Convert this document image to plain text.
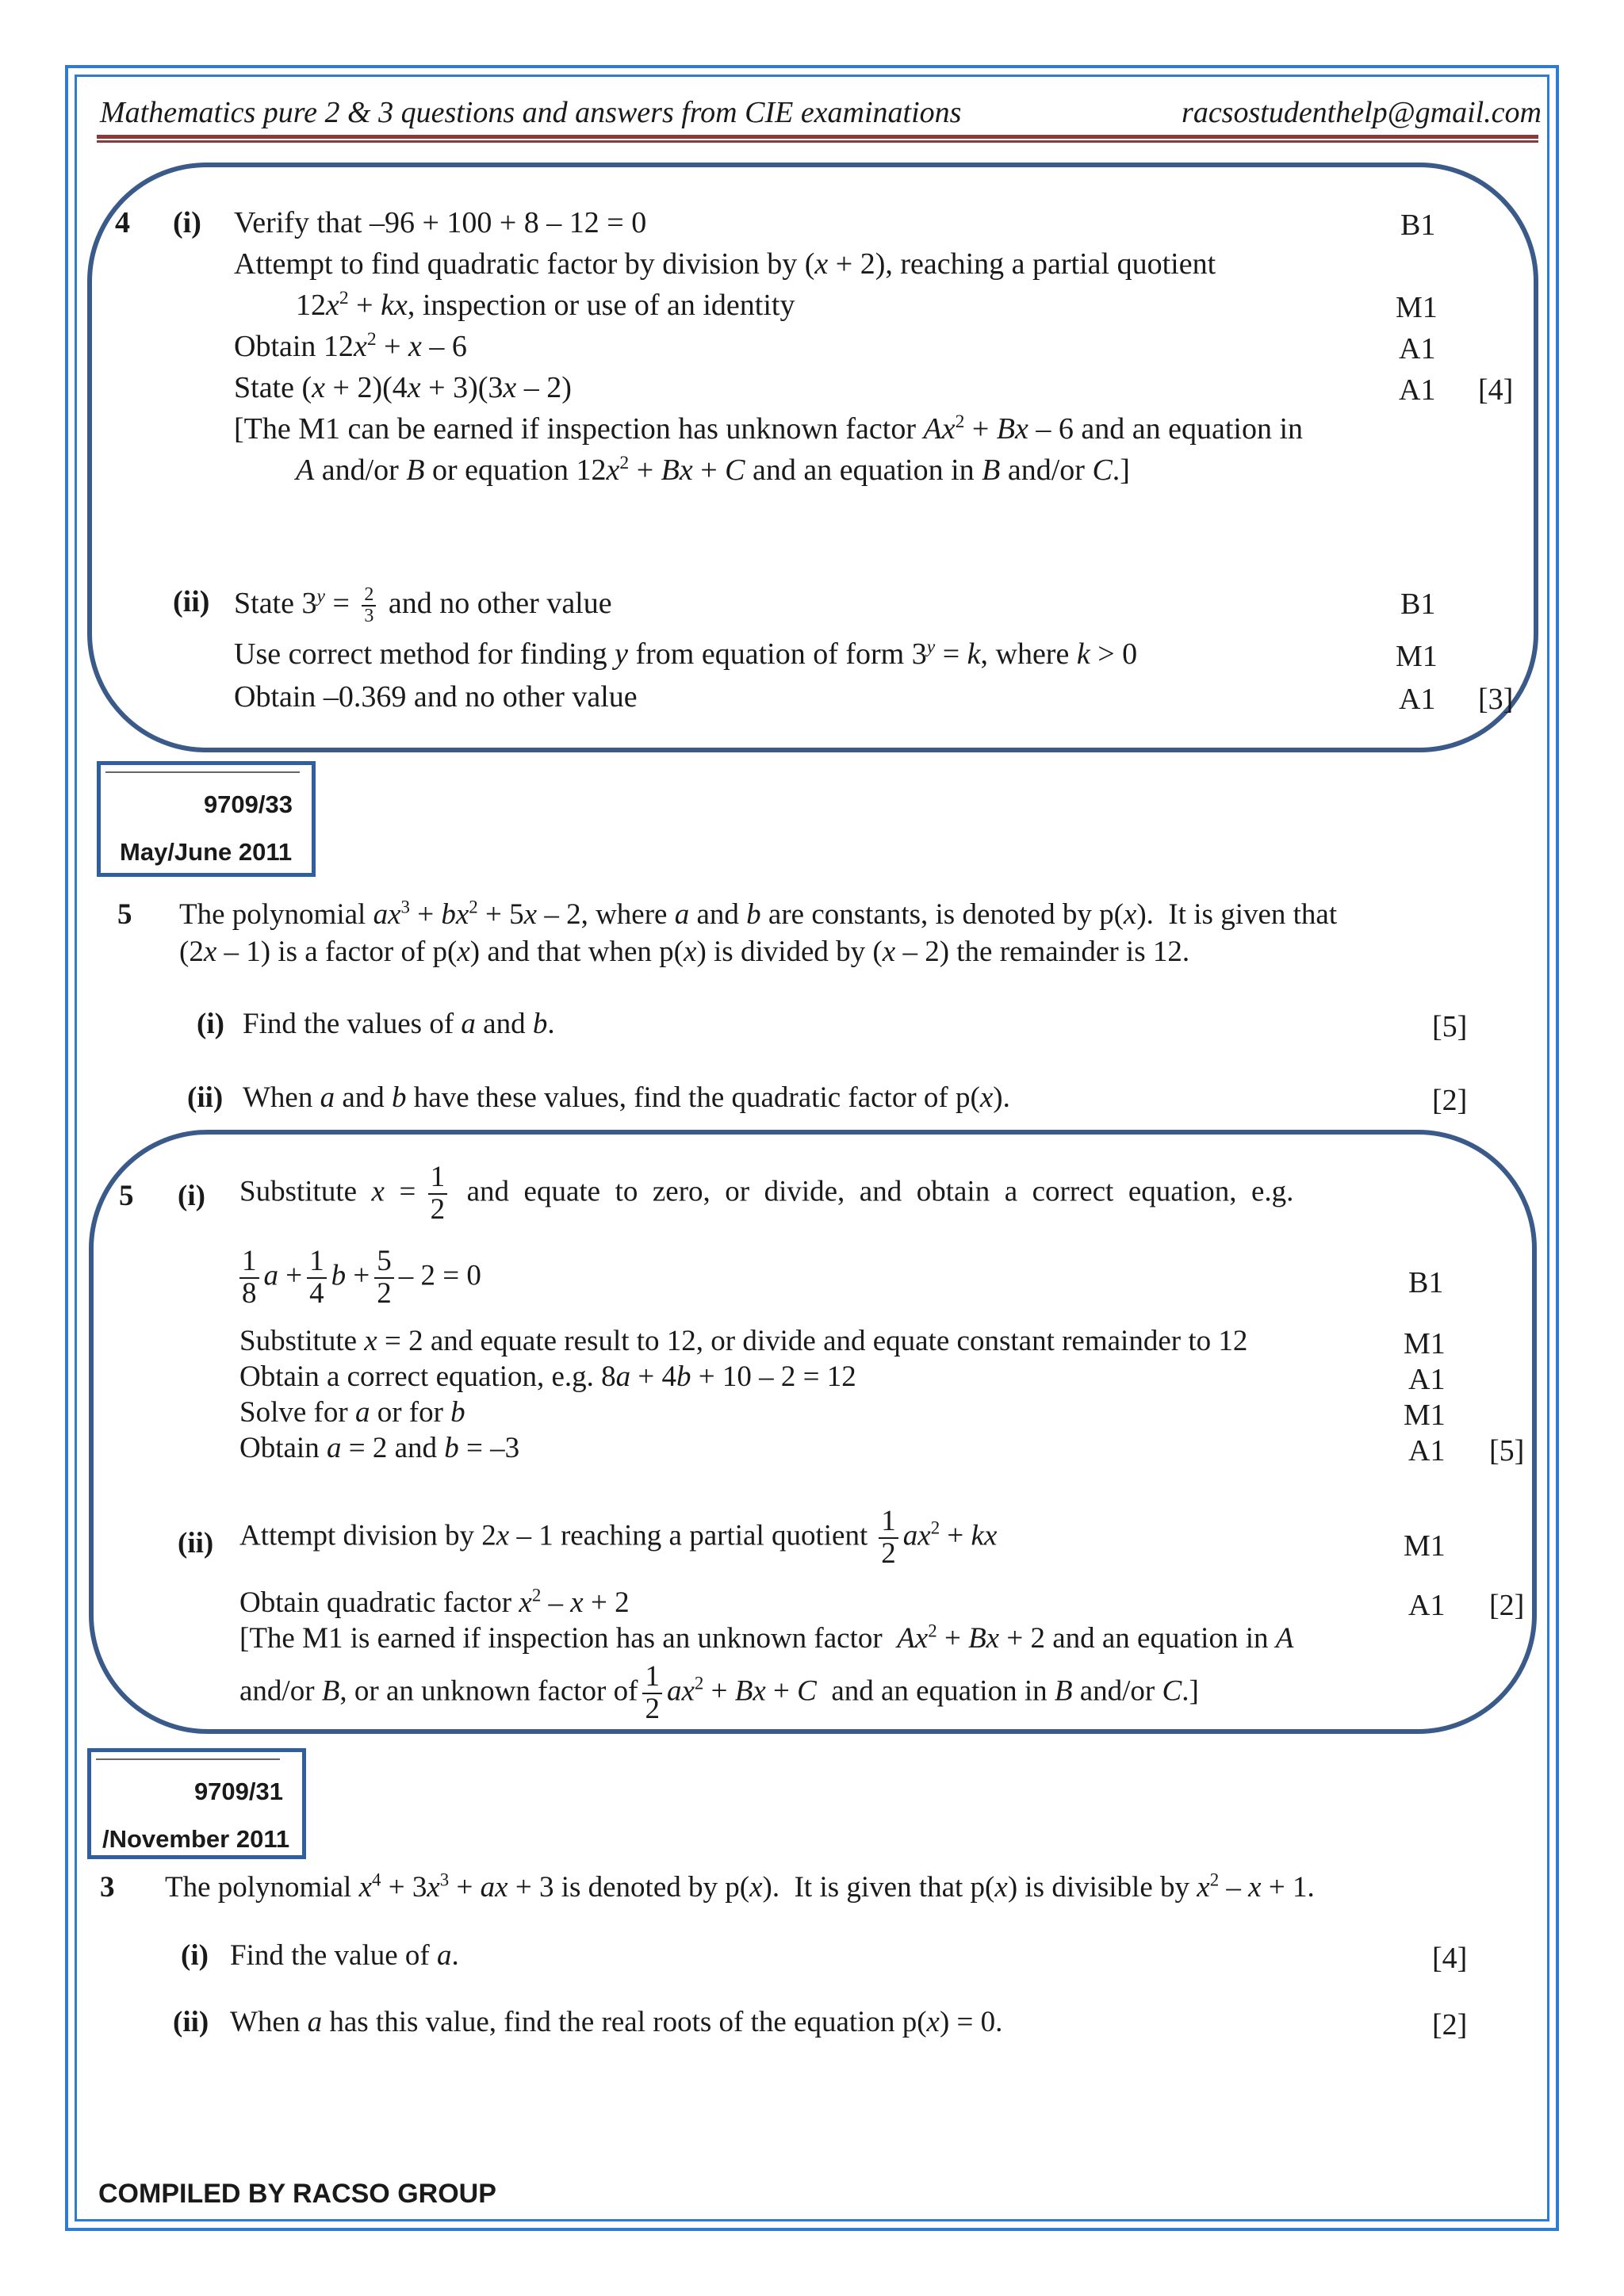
Mathematics pure 2 & 3 questions and answers from CIE examinations	racsostudenthelp@gmail.com
4 (i) Verify that –96 + 100 + 8 – 12 = 0	B1
Attempt to find quadratic factor by division by (x + 2), reaching a partial quotient
$12x^2$ + kx, inspection or use of an identity	M1
Obtain $12x^2 + x - 6$	A1
State (x + 2)(4x + 3)(3x – 2)	A1 [4]
[The M1 can be earned if inspection has unknown factor $Ax^2 + Bx - 6$ and an equation in
A and/or B or equation $12x^2 + Bx + C$ and an equation in B and/or C.]
(ii) State $3^y = \frac{2}{3}$ and no other value	B1
Use correct method for finding y from equation of form $3^y = k$, where k > 0	M1
Obtain –0.369 and no other value	A1 [3]
9709/33
May/June 2011
5 The polynomial $ax^3 + bx^2 + 5x - 2$, where a and b are constants, is denoted by p(x).  It is given that
(2x – 1) is a factor of p(x) and that when p(x) is divided by (x – 2) the remainder is 12.
(i) Find the values of a and b.	[5]
(ii) When a and b have these values, find the quadratic factor of p(x).	[2]
5 (i) Substitute  $x = \frac{1}{2}$ and  equate  to  zero,  or  divide,  and  obtain  a  correct  equation,  e.g.
$\frac{1}{8}$ $a + \frac{1}{4}$ $b + \frac{5}{2} - 2 = 0$	B1
Substitute x = 2 and equate result to 12, or divide and equate constant remainder to 12	M1
Obtain a correct equation, e.g. 8a + 4b + 10 – 2 = 12	A1
Solve for a or for b	M1
Obtain a = 2 and b = –3	A1 [5]
(ii) Attempt division by 2x – 1 reaching a partial quotient $\frac{1}{2} ax^2$ + kx	M1
Obtain quadratic factor $x^2 - x + 2$	A1 [2]
[The M1 is earned if inspection has an unknown factor  $Ax^2 + Bx + 2$ and an equation in A
and/or B, or an unknown factor of $\frac{1}{2} ax^2 + Bx + C$  and an equation in B and/or C.]
9709/31
/November 2011
3 The polynomial $x^4 + 3x^3$ + ax + 3 is denoted by p(x).  It is given that p(x) is divisible by $x^2 - x + 1$.
(i) Find the value of a.	[4]
(ii) When a has this value, find the real roots of the equation p(x) = 0.	[2]
COMPILED BY RACSO GROUP
